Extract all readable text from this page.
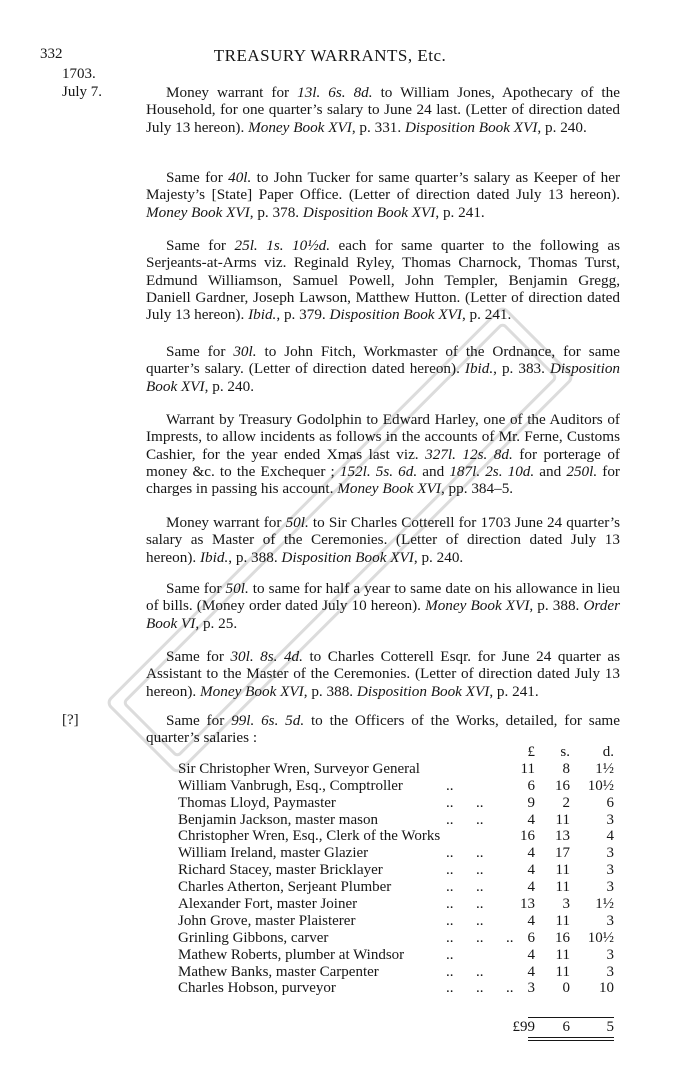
332	TREASURY WARRANTS, Etc.
1703.
July 7.
[?]

Money warrant for 13l. 6s. 8d. to William Jones, Apothecary of the Household, for one quarter’s salary to June 24 last. (Letter of direction dated July 13 hereon). Money Book XVI, p. 331. Disposition Book XVI, p. 240.

Same for 40l. to John Tucker for same quarter’s salary as Keeper of her Majesty’s [State] Paper Office. (Letter of direction dated July 13 hereon). Money Book XVI, p. 378. Disposition Book XVI, p. 241.

Same for 25l. 1s. 10½d. each for same quarter to the following as Serjeants-at-Arms viz. Reginald Ryley, Thomas Charnock, Thomas Turst, Edmund Williamson, Samuel Powell, John Templer, Benjamin Gregg, Daniell Gardner, Joseph Lawson, Matthew Hutton. (Letter of direction dated July 13 hereon). Ibid., p. 379. Disposition Book XVI, p. 241.

Same for 30l. to John Fitch, Workmaster of the Ordnance, for same quarter’s salary. (Letter of direction dated hereon). Ibid., p. 383. Disposition Book XVI, p. 240.

Warrant by Treasury Godolphin to Edward Harley, one of the Auditors of Imprests, to allow incidents as follows in the accounts of Mr. Ferne, Customs Cashier, for the year ended Xmas last viz. 327l. 12s. 8d. for porterage of money &c. to the Exchequer ; 152l. 5s. 6d. and 187l. 2s. 10d. and 250l. for charges in passing his account. Money Book XVI, pp. 384–5.

Money warrant for 50l. to Sir Charles Cotterell for 1703 June 24 quarter’s salary as Master of the Ceremonies. (Letter of direction dated July 13 hereon). Ibid., p. 388. Disposition Book XVI, p. 240.

Same for 50l. to same for half a year to same date on his allowance in lieu of bills. (Money order dated July 10 hereon). Money Book XVI, p. 388. Order Book VI, p. 25.

Same for 30l. 8s. 4d. to Charles Cotterell Esqr. for June 24 quarter as Assistant to the Master of the Ceremonies. (Letter of direction dated July 13 hereon). Money Book XVI, p. 388. Disposition Book XVI, p. 241.

Same for 99l. 6s. 5d. to the Officers of the Works, detailed, for same quarter’s salaries :

£ s. d.
Sir Christopher Wren, Surveyor General	11 8 1½
William Vanbrugh, Esq., Comptroller	..	6 16 10½
Thomas Lloyd, Paymaster	..      ..	9 2 6
Benjamin Jackson, master mason	..      ..	4 11 3
Christopher Wren, Esq., Clerk of the Works	16 13 4
William Ireland, master Glazier	..      ..	4 17 3
Richard Stacey, master Bricklayer	..      ..	4 11 3
Charles Atherton, Serjeant Plumber	..      ..	4 11 3
Alexander Fort, master Joiner	..      .. 13 3 1½
John Grove, master Plaisterer	..      ..	4 11 3
Grinling Gibbons, carver	..      ..      .. 6 16 10½
Mathew Roberts, plumber at Windsor	..	4 11 3
Mathew Banks, master Carpenter	..      ..	4 11 3
Charles Hobson, purveyor	..      ..      .. 3 0 10
£99 6 5
